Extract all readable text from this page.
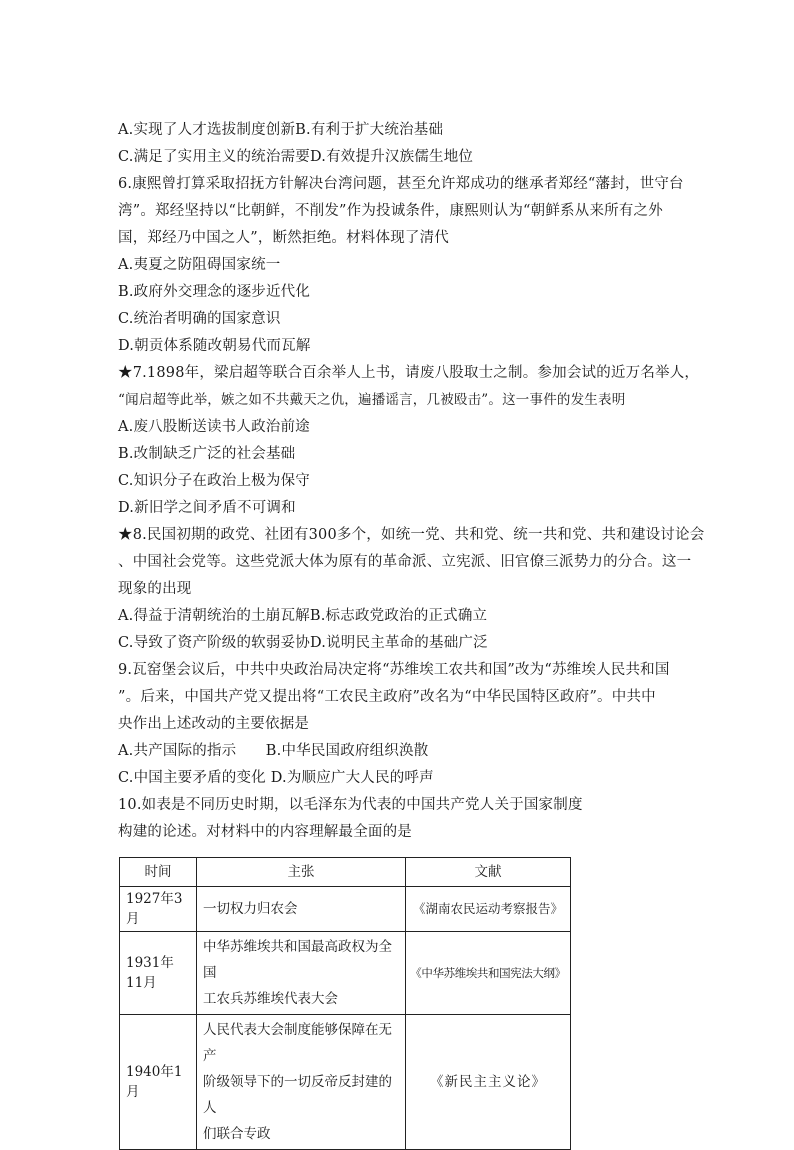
A.实现了人才选拔制度创新B.有利于扩大统治基础
C.满足了实用主义的统治需要D.有效提升汉族儒生地位
6.康熙曾打算采取招抚方针解决台湾问题，甚至允许郑成功的继承者郑经“藩封，世守台
湾”。郑经坚持以“比朝鲜，不削发”作为投诚条件，康熙则认为“朝鲜系从来所有之外
国，郑经乃中国之人”，断然拒绝。材料体现了清代
A.夷夏之防阻碍国家统一
B.政府外交理念的逐步近代化
C.统治者明确的国家意识
D.朝贡体系随改朝易代而瓦解
★7.1898年，梁启超等联合百余举人上书，请废八股取士之制。参加会试的近万名举人，
“闻启超等此举，嫉之如不共戴天之仇，遍播谣言，几被殴击”。这一事件的发生表明
A.废八股断送读书人政治前途
B.改制缺乏广泛的社会基础
C.知识分子在政治上极为保守
D.新旧学之间矛盾不可调和
★8.民国初期的政党、社团有300多个，如统一党、共和党、统一共和党、共和建设讨论会
、中国社会党等。这些党派大体为原有的革命派、立宪派、旧官僚三派势力的分合。这一
现象的出现
A.得益于清朝统治的土崩瓦解B.标志政党政治的正式确立
C.导致了资产阶级的软弱妥协D.说明民主革命的基础广泛
9.瓦窑堡会议后，中共中央政治局决定将“苏维埃工农共和国”改为“苏维埃人民共和国
”。后来，中国共产党又提出将“工农民主政府”改名为“中华民国特区政府”。中共中
央作出上述改动的主要依据是
A.共产国际的指示　　B.中华民国政府组织涣散
C.中国主要矛盾的变化 D.为顺应广大人民的呼声
10.如表是不同历史时期，以毛泽东为代表的中国共产党人关于国家制度
构建的论述。对材料中的内容理解最全面的是
时间	主张	文献
1927年3月	一切权力归农会	《湖南农民运动考察报告》
1931年11月	中华苏维埃共和国最高政权为全国
工农兵苏维埃代表大会	《中华苏维埃共和国宪法大纲》
1940年1月	人民代表大会制度能够保障在无产
阶级领导下的一切反帝反封建的人
们联合专政	《新民主主义论》
